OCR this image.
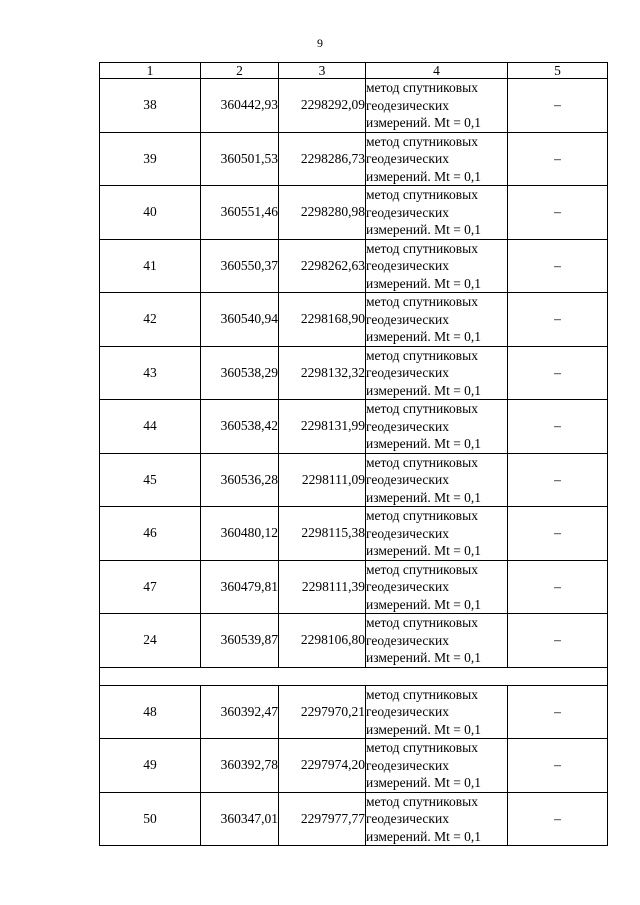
9
1	2	3	4	5
38	360442,93	2298292,09	метод спутниковых
геодезических
измерений. Mt = 0,1	–
39	360501,53	2298286,73	метод спутниковых
геодезических
измерений. Mt = 0,1	–
40	360551,46	2298280,98	метод спутниковых
геодезических
измерений. Mt = 0,1	–
41	360550,37	2298262,63	метод спутниковых
геодезических
измерений. Mt = 0,1	–
42	360540,94	2298168,90	метод спутниковых
геодезических
измерений. Mt = 0,1	–
43	360538,29	2298132,32	метод спутниковых
геодезических
измерений. Mt = 0,1	–
44	360538,42	2298131,99	метод спутниковых
геодезических
измерений. Mt = 0,1	–
45	360536,28	2298111,09	метод спутниковых
геодезических
измерений. Mt = 0,1	–
46	360480,12	2298115,38	метод спутниковых
геодезических
измерений. Mt = 0,1	–
47	360479,81	2298111,39	метод спутниковых
геодезических
измерений. Mt = 0,1	–
24	360539,87	2298106,80	метод спутниковых
геодезических
измерений. Mt = 0,1	–

48	360392,47	2297970,21	метод спутниковых
геодезических
измерений. Mt = 0,1	–
49	360392,78	2297974,20	метод спутниковых
геодезических
измерений. Mt = 0,1	–
50	360347,01	2297977,77	метод спутниковых
геодезических
измерений. Mt = 0,1	–
